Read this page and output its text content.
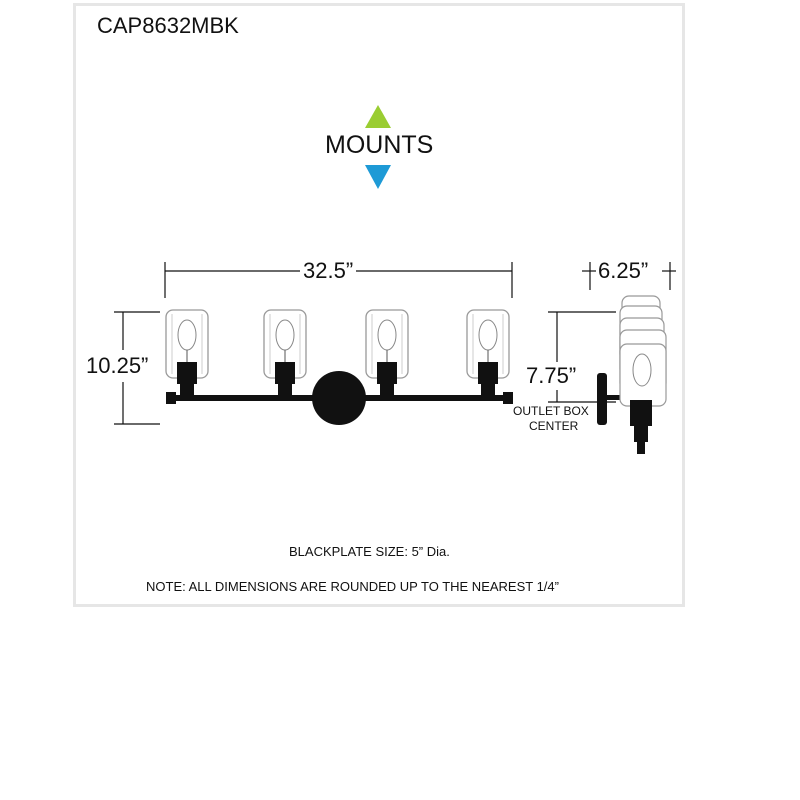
CAP8632MBK
MOUNTS
32.5”
10.25”
6.25”
7.75”
OUTLET BOX
CENTER
BLACKPLATE SIZE: 5” Dia.
NOTE: ALL DIMENSIONS ARE ROUNDED UP TO THE NEAREST 1/4”
